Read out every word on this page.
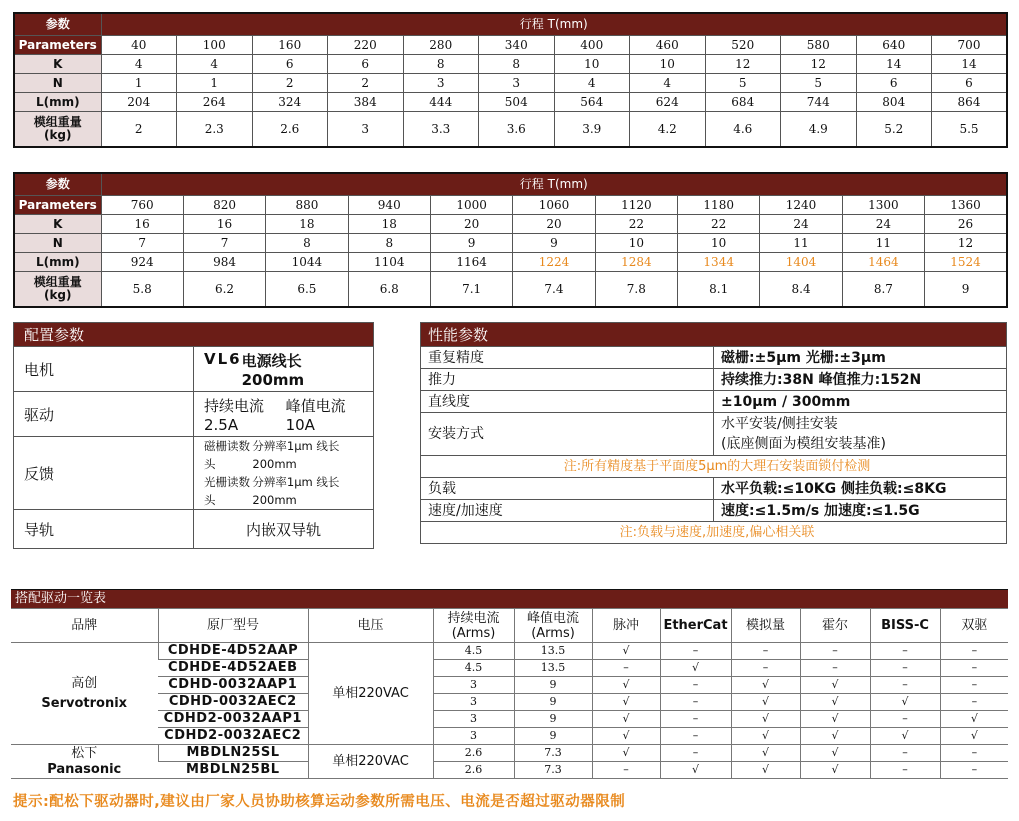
参数	行程 T(mm)											
Parameters	40	100	160	220	280	340	400	460	520	580	640	700
K	4	4	6	6	8	8	10	10	12	12	14	14
N	1	1	2	2	3	3	4	4	5	5	6	6
L(mm)	204	264	324	384	444	504	564	624	684	744	804	864
模组重量
(kg)	2	2.3	2.6	3	3.3	3.6	3.9	4.2	4.6	4.9	5.2	5.5
参数	行程 T(mm)										
Parameters	760	820	880	940	1000	1060	1120	1180	1240	1300	1360
K	16	16	18	18	20	20	22	22	24	24	26
N	7	7	8	8	9	9	10	10	11	11	12
L(mm)	924	984	1044	1104	1164	1224	1284	1344	1404	1464	1524
模组重量
(kg)	5.8	6.2	6.5	6.8	7.1	7.4	7.8	8.1	8.4	8.7	9
配置参数	
电机	VL6 电源线长200mm

驱动	持续电流2.5A
峰值电流10A

反馈	磁栅读数头
分辨率1μm 线长200mm
光栅读数头
分辨率1μm 线长200mm

导轨	内嵌双导轨
性能参数	
重复精度	磁栅:±5μm 光栅:±3μm
推力	持续推力:38N 峰值推力:152N
直线度	±10μm / 300mm
安装方式	水平安装/侧挂安装
(底座侧面为模组安装基准)

注:所有精度基于平面度5μm的大理石安装面锁付检测	
负载	水平负载:≤10KG 侧挂负载:≤8KG
速度/加速度	速度:≤1.5m/s 加速度:≤1.5G
注:负载与速度,加速度,偏心相关联	
搭配驱动一览表										
品牌	原厂型号	电压	持续电流
(Arms)	峰值电流
(Arms)	脉冲	EtherCat	模拟量	霍尔	BISS-C	双驱
高创
Servotronix	CDHDE-4D52AAP	单相220VAC	4.5	13.5	√	–	–	–	–	–
	CDHDE-4D52AEB		4.5	13.5	–	√	–	–	–	–
	CDHD-0032AAP1		3	9	√	–	√	√	–	–
	CDHD-0032AEC2		3	9	√	–	√	√	√	–
	CDHD2-0032AAP1		3	9	√	–	√	√	–	√
	CDHD2-0032AEC2		3	9	√	–	√	√	√	√
松下
Panasonic	MBDLN25SL	单相220VAC	2.6	7.3	√	–	√	√	–	–
	MBDLN25BL		2.6	7.3	–	√	√	√	–	–
提示:配松下驱动器时,建议由厂家人员协助核算运动参数所需电压、电流是否超过驱动器限制
